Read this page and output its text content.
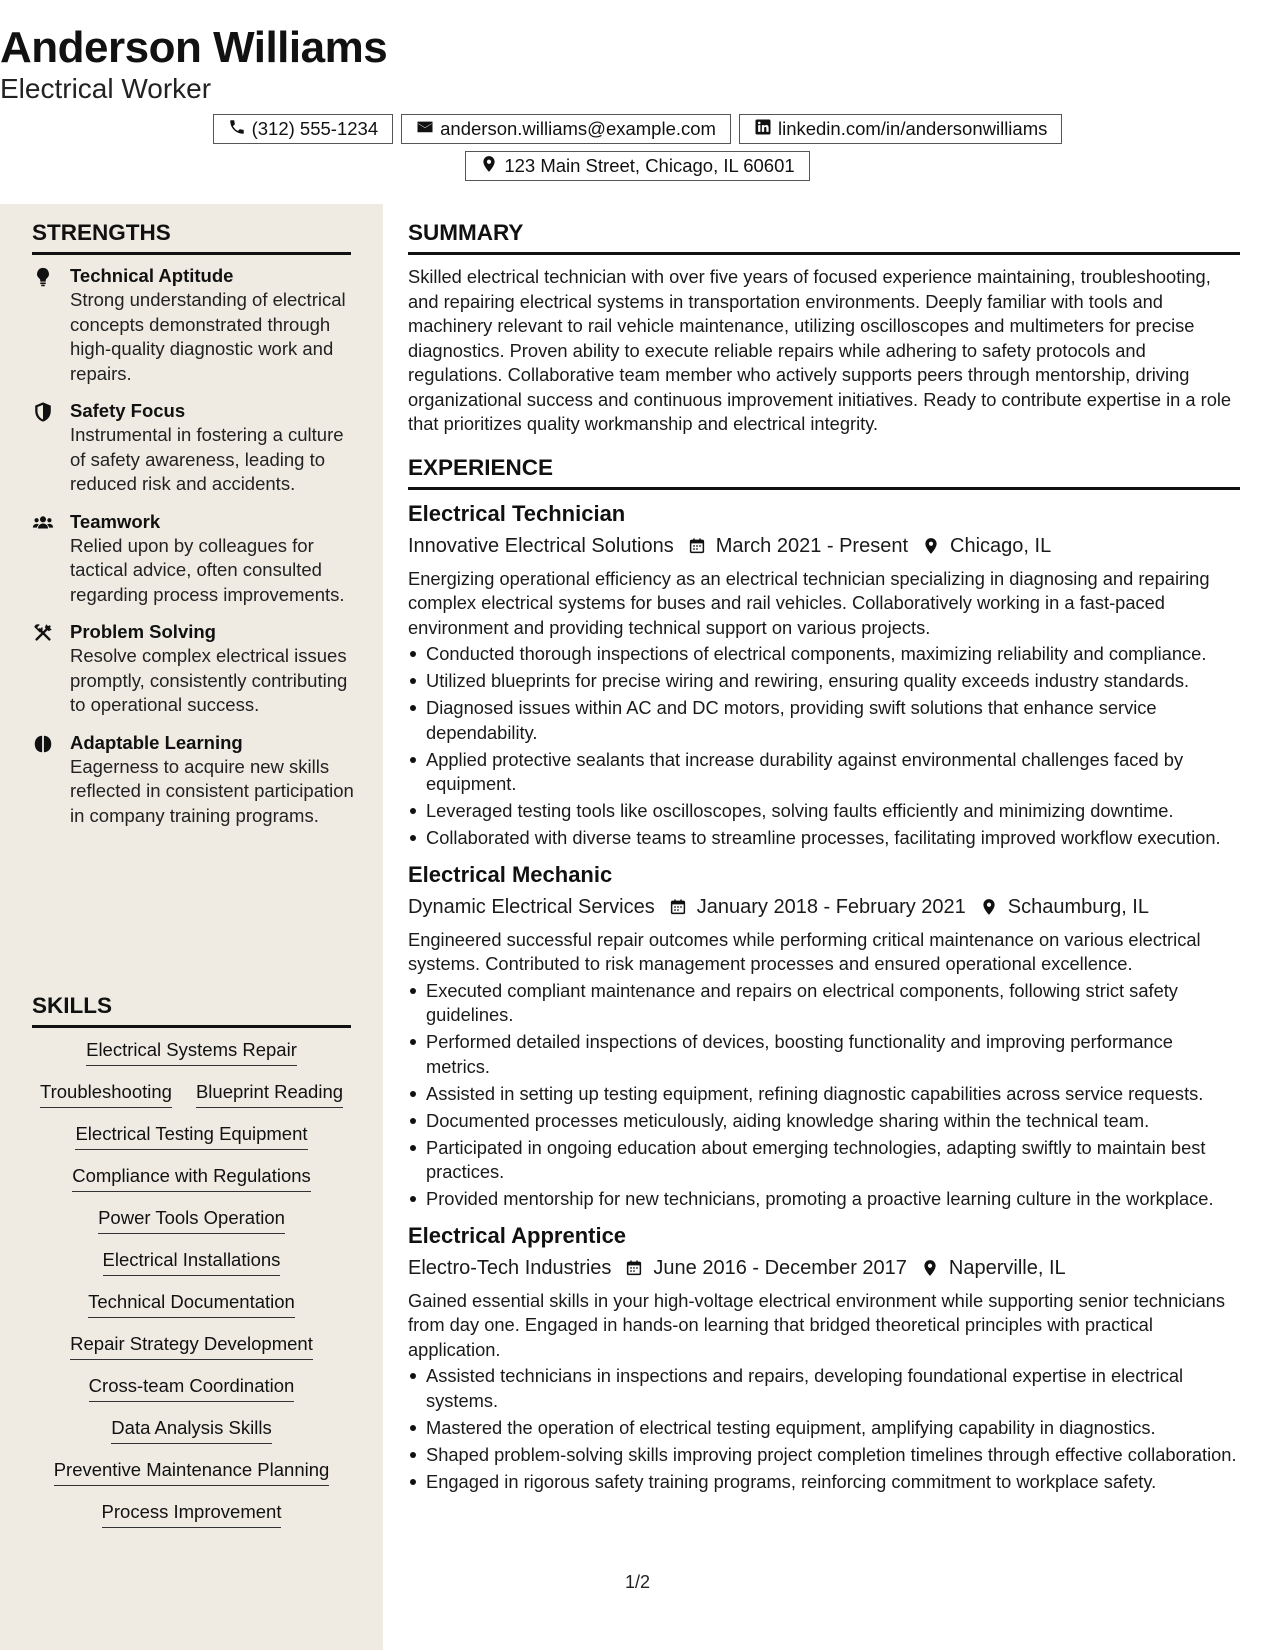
Anderson Williams
Electrical Worker
(312) 555-1234	anderson.williams@example.com	linkedin.com/in/andersonwilliams
123 Main Street, Chicago, IL 60601
STRENGTHS
Technical Aptitude
Strong understanding of electrical concepts demonstrated through high-quality diagnostic work and repairs.
Safety Focus
Instrumental in fostering a culture of safety awareness, leading to reduced risk and accidents.
Teamwork
Relied upon by colleagues for tactical advice, often consulted regarding process improvements.
Problem Solving
Resolve complex electrical issues promptly, consistently contributing to operational success.
Adaptable Learning
Eagerness to acquire new skills reflected in consistent participation in company training programs.
SKILLS
Electrical Systems Repair
Troubleshooting Blueprint Reading
Electrical Testing Equipment
Compliance with Regulations
Power Tools Operation
Electrical Installations
Technical Documentation
Repair Strategy Development
Cross-team Coordination
Data Analysis Skills
Preventive Maintenance Planning
Process Improvement
SUMMARY
Skilled electrical technician with over five years of focused experience maintaining, troubleshooting, and repairing electrical systems in transportation environments. Deeply familiar with tools and machinery relevant to rail vehicle maintenance, utilizing oscilloscopes and multimeters for precise diagnostics. Proven ability to execute reliable repairs while adhering to safety protocols and regulations. Collaborative team member who actively supports peers through mentorship, driving organizational success and continuous improvement initiatives. Ready to contribute expertise in a role that prioritizes quality workmanship and electrical integrity.
EXPERIENCE
Electrical Technician
Innovative Electrical Solutions March 2021 - Present Chicago, IL
Energizing operational efficiency as an electrical technician specializing in diagnosing and repairing complex electrical systems for buses and rail vehicles. Collaboratively working in a fast-paced environment and providing technical support on various projects.
Conducted thorough inspections of electrical components, maximizing reliability and compliance.
Utilized blueprints for precise wiring and rewiring, ensuring quality exceeds industry standards.
Diagnosed issues within AC and DC motors, providing swift solutions that enhance service dependability.
Applied protective sealants that increase durability against environmental challenges faced by equipment.
Leveraged testing tools like oscilloscopes, solving faults efficiently and minimizing downtime.
Collaborated with diverse teams to streamline processes, facilitating improved workflow execution.
Electrical Mechanic
Dynamic Electrical Services January 2018 - February 2021 Schaumburg, IL
Engineered successful repair outcomes while performing critical maintenance on various electrical systems. Contributed to risk management processes and ensured operational excellence.
Executed compliant maintenance and repairs on electrical components, following strict safety guidelines.
Performed detailed inspections of devices, boosting functionality and improving performance metrics.
Assisted in setting up testing equipment, refining diagnostic capabilities across service requests.
Documented processes meticulously, aiding knowledge sharing within the technical team.
Participated in ongoing education about emerging technologies, adapting swiftly to maintain best practices.
Provided mentorship for new technicians, promoting a proactive learning culture in the workplace.
Electrical Apprentice
Electro-Tech Industries June 2016 - December 2017 Naperville, IL
Gained essential skills in your high-voltage electrical environment while supporting senior technicians from day one. Engaged in hands-on learning that bridged theoretical principles with practical application.
Assisted technicians in inspections and repairs, developing foundational expertise in electrical systems.
Mastered the operation of electrical testing equipment, amplifying capability in diagnostics.
Shaped problem-solving skills improving project completion timelines through effective collaboration.
Engaged in rigorous safety training programs, reinforcing commitment to workplace safety.
1/2
